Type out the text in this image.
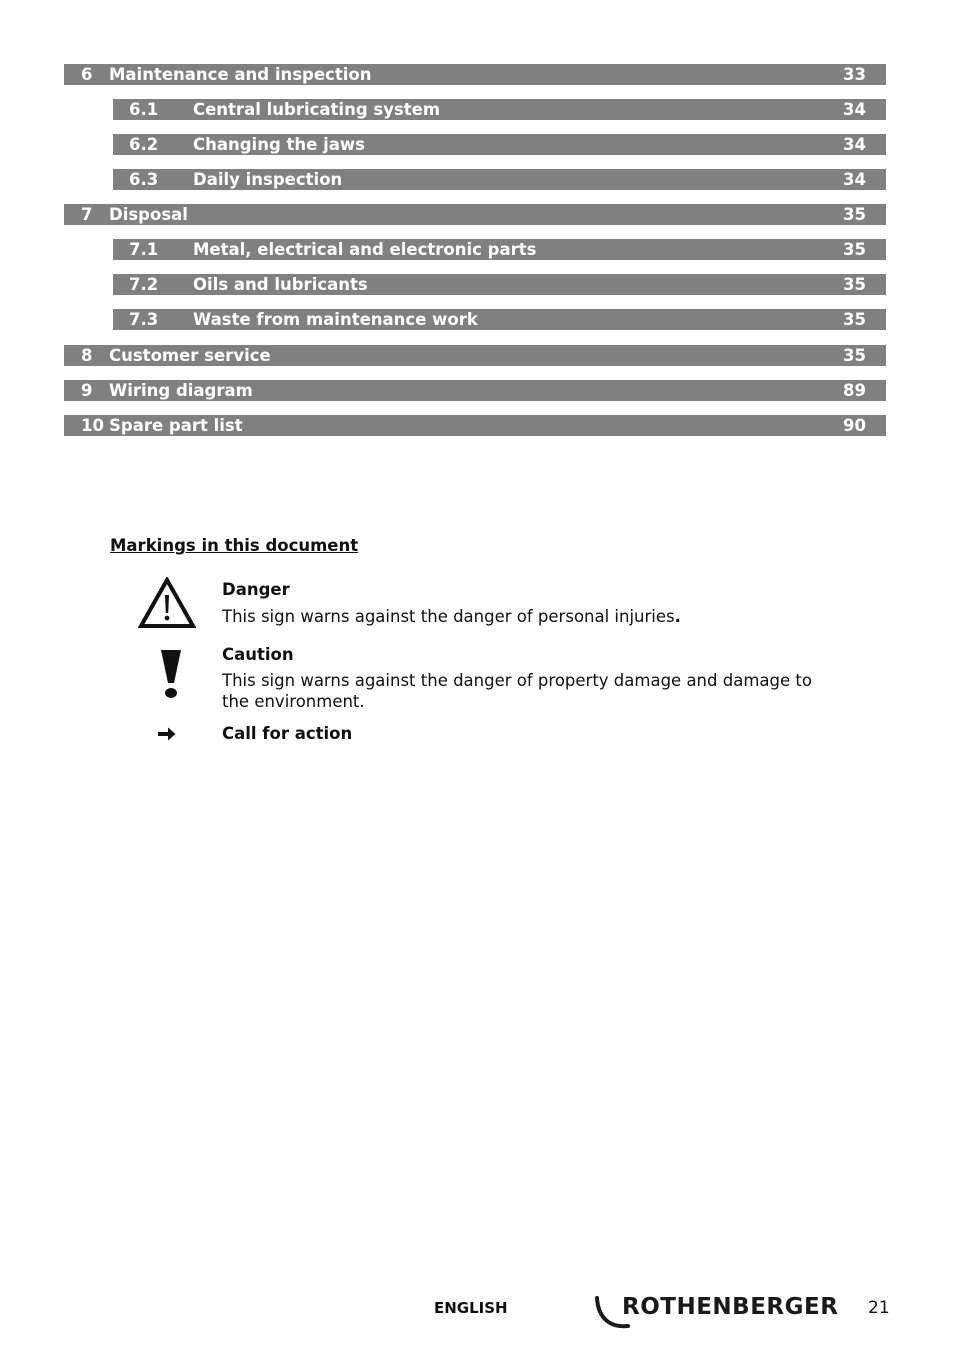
6 Maintenance and inspection	33
6.1 Central lubricating system	34
6.2 Changing the jaws	34
6.3 Daily inspection	34
7 Disposal	35
7.1 Metal, electrical and electronic parts	35
7.2 Oils and lubricants	35
7.3 Waste from maintenance work	35
8 Customer service	35
9 Wiring diagram	89
10 Spare part list	90
Markings in this document
Danger
This sign warns against the danger of personal injuries.
Caution
This sign warns against the danger of property damage and damage to the environment.
Call for action
ENGLISH	ROTHENBERGER 21
